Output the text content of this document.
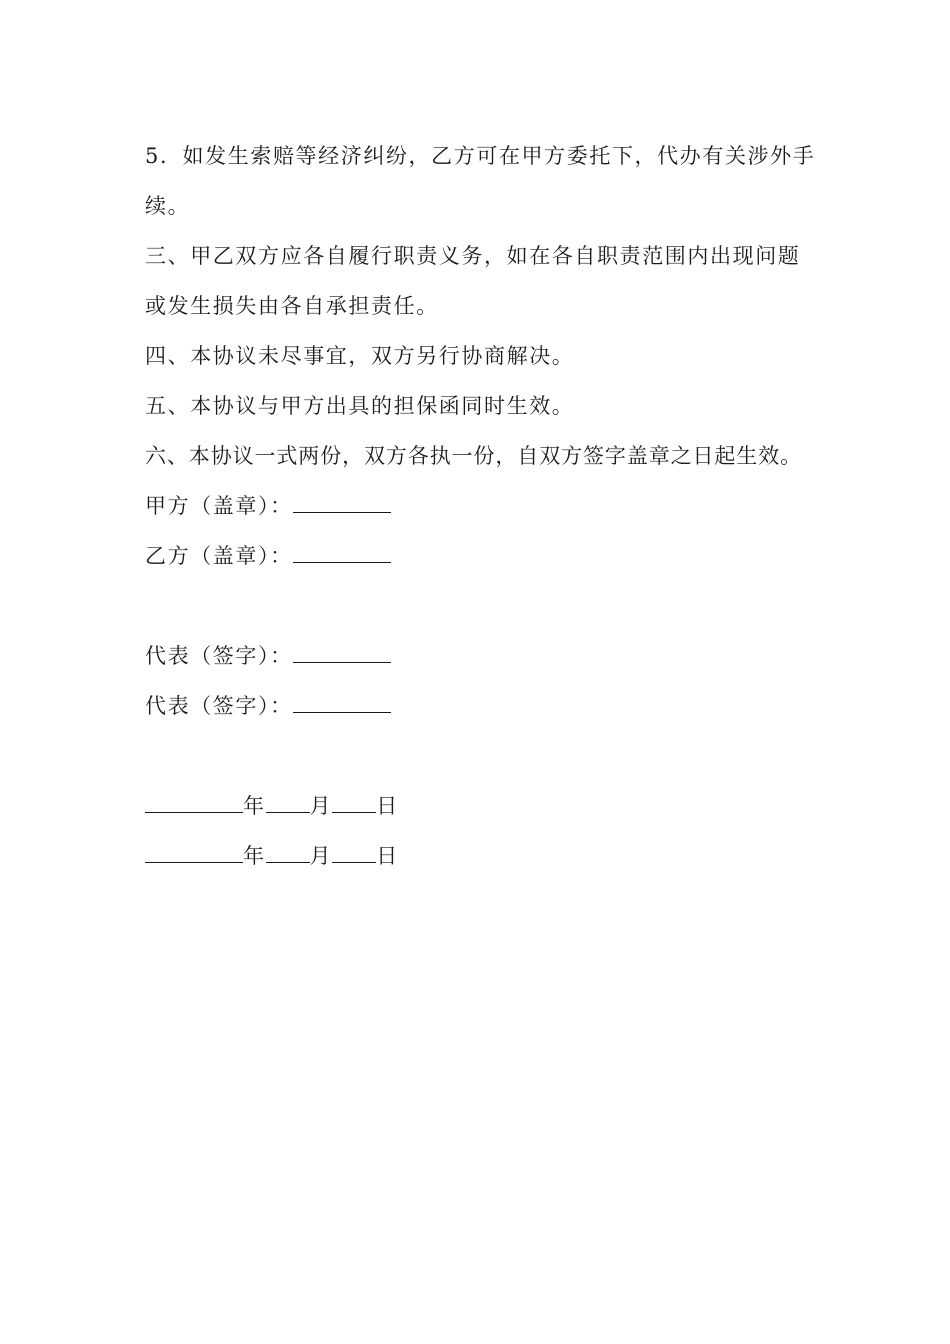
5．如发生索赔等经济纠纷，乙方可在甲方委托下，代办有关涉外手
续。
三、甲乙双方应各自履行职责义务，如在各自职责范围内出现问题
或发生损失由各自承担责任。
四、本协议未尽事宜，双方另行协商解决。
五、本协议与甲方出具的担保函同时生效。
六、本协议一式两份，双方各执一份，自双方签字盖章之日起生效。
甲方（盖章）：
乙方（盖章）：
代表（签字）：
代表（签字）：
年 月 日
年 月 日
